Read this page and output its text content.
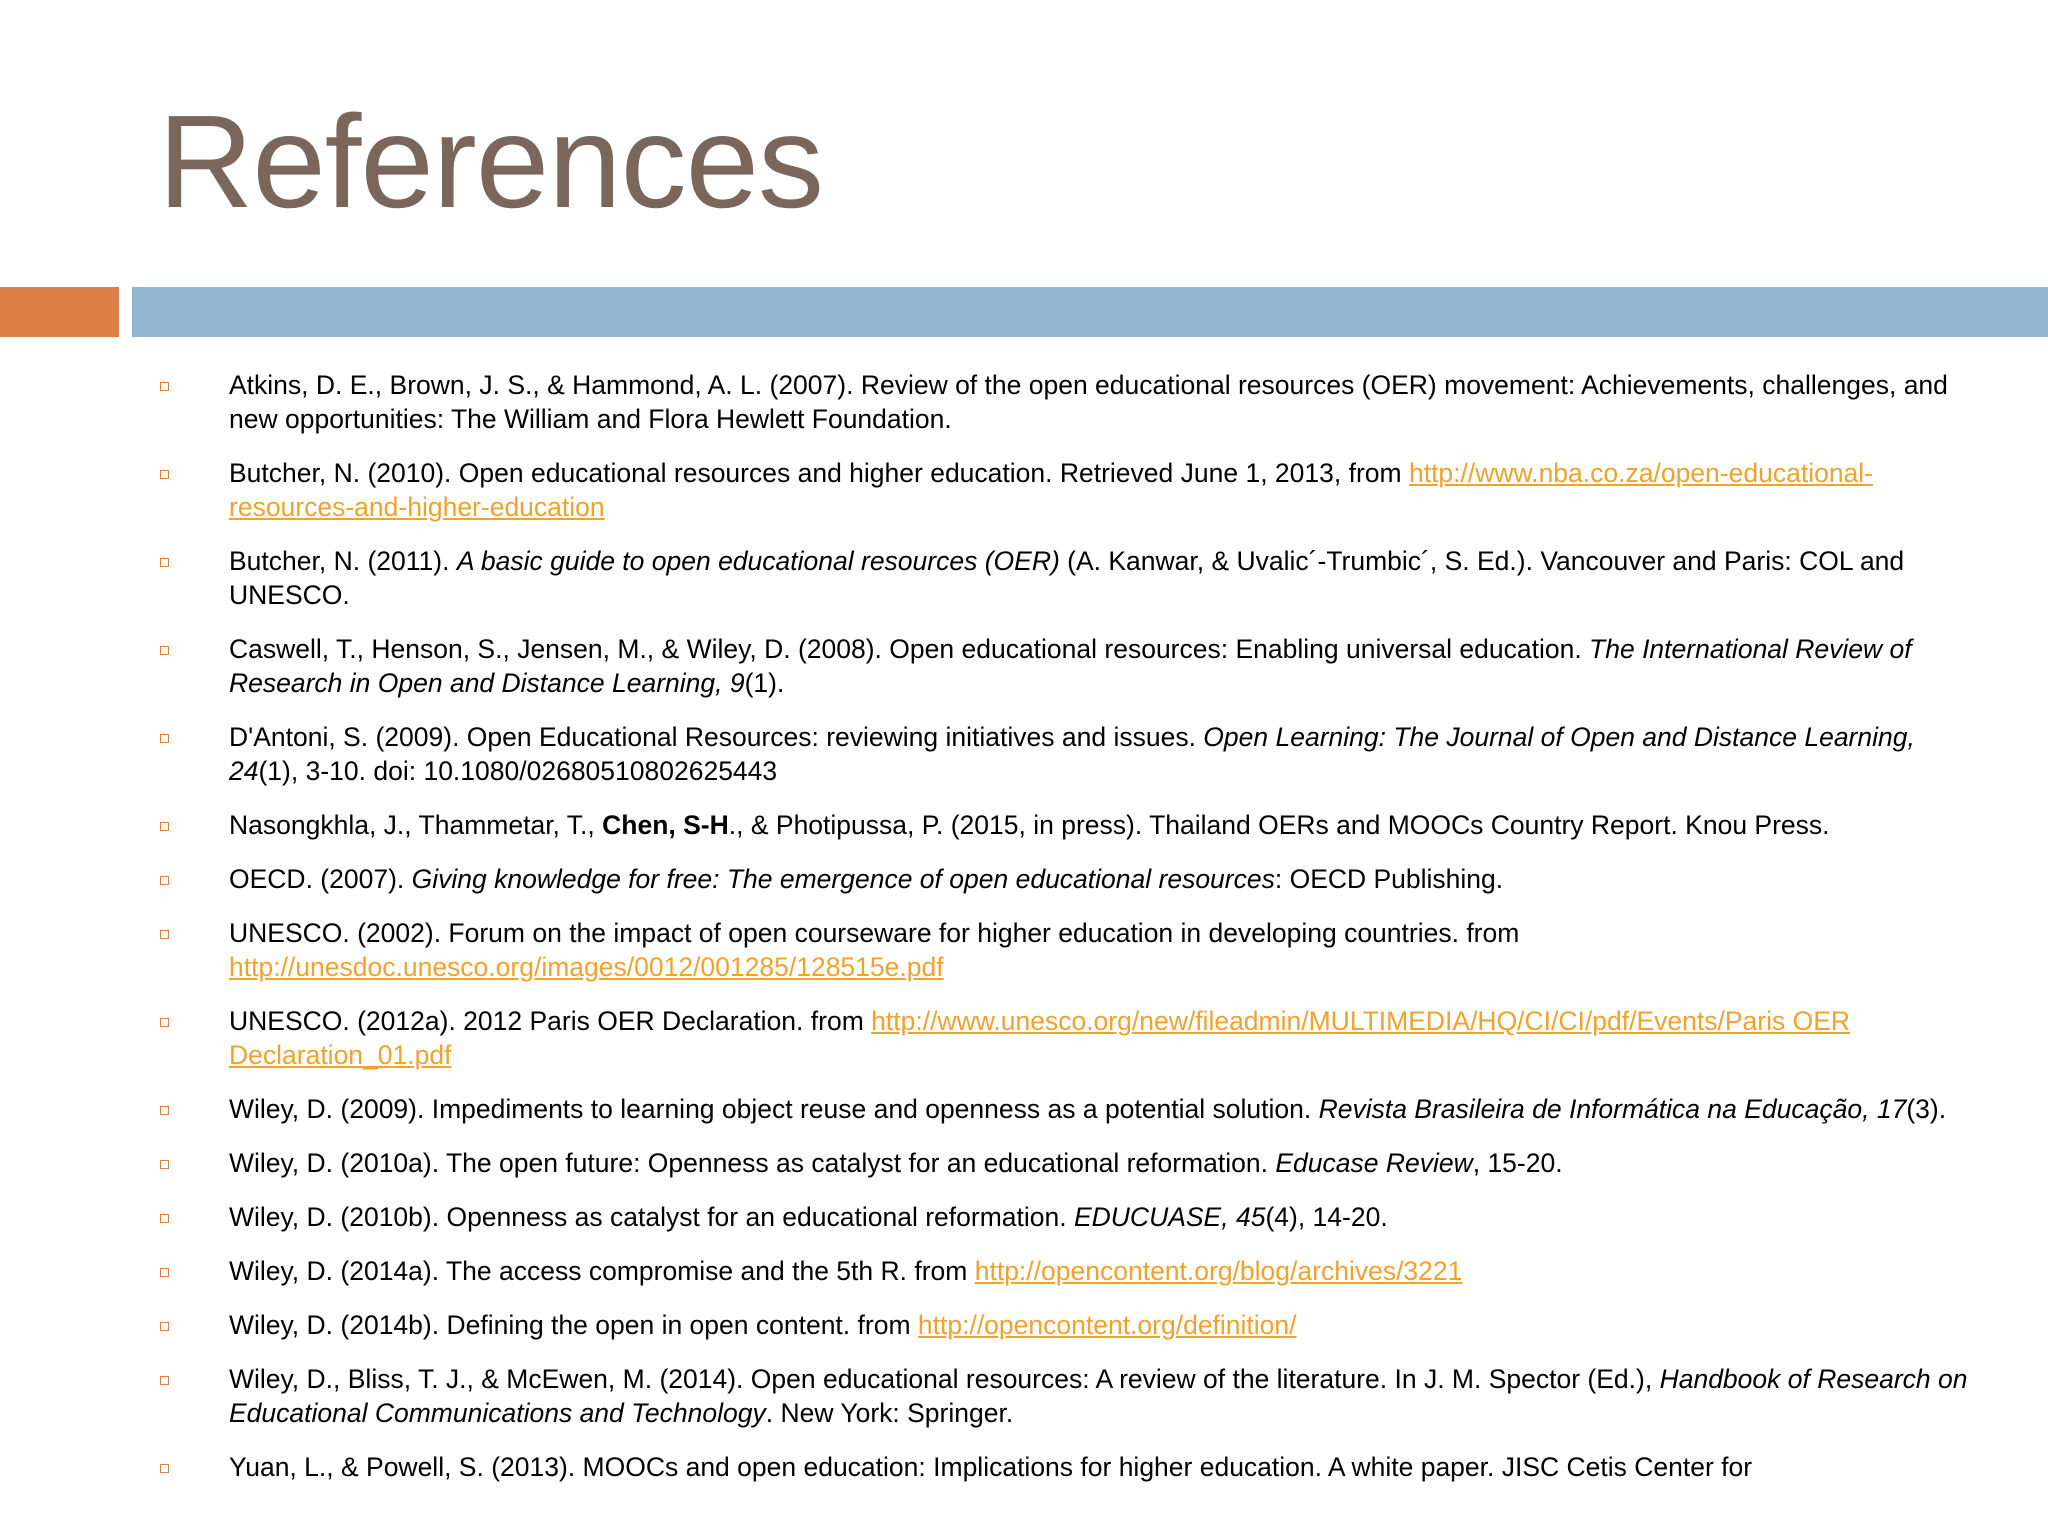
References
Atkins, D. E., Brown, J. S., & Hammond, A. L. (2007). Review of the open educational resources (OER) movement: Achievements, challenges, and new opportunities: The William and Flora Hewlett Foundation.
Butcher, N. (2010). Open educational resources and higher education. Retrieved June 1, 2013, from http://www.nba.co.za/open-educational-resources-and-higher-education
Butcher, N. (2011). A basic guide to open educational resources (OER) (A. Kanwar, & Uvalic´-Trumbic´, S. Ed.). Vancouver and Paris: COL and UNESCO.
Caswell, T., Henson, S., Jensen, M., & Wiley, D. (2008). Open educational resources: Enabling universal education. The International Review of Research in Open and Distance Learning, 9(1).
D'Antoni, S. (2009). Open Educational Resources: reviewing initiatives and issues. Open Learning: The Journal of Open and Distance Learning, 24(1), 3-10. doi: 10.1080/02680510802625443
Nasongkhla, J., Thammetar, T., Chen, S-H., & Photipussa, P. (2015, in press). Thailand OERs and MOOCs Country Report. Knou Press.
OECD. (2007). Giving knowledge for free: The emergence of open educational resources: OECD Publishing.
UNESCO. (2002). Forum on the impact of open courseware for higher education in developing countries. from http://unesdoc.unesco.org/images/0012/001285/128515e.pdf
UNESCO. (2012a). 2012 Paris OER Declaration. from http://www.unesco.org/new/fileadmin/MULTIMEDIA/HQ/CI/CI/pdf/Events/Paris OER Declaration_01.pdf
Wiley, D. (2009). Impediments to learning object reuse and openness as a potential solution. Revista Brasileira de Informática na Educação, 17(3).
Wiley, D. (2010a). The open future: Openness as catalyst for an educational reformation. Educase Review, 15-20.
Wiley, D. (2010b). Openness as catalyst for an educational reformation. EDUCUASE, 45(4), 14-20.
Wiley, D. (2014a). The access compromise and the 5th R. from http://opencontent.org/blog/archives/3221
Wiley, D. (2014b). Defining the open in open content. from http://opencontent.org/definition/
Wiley, D., Bliss, T. J., & McEwen, M. (2014). Open educational resources: A review of the literature. In J. M. Spector (Ed.), Handbook of Research on Educational Communications and Technology. New York: Springer.
Yuan, L., & Powell, S. (2013). MOOCs and open education: Implications for higher education. A white paper. JISC Cetis Center for
